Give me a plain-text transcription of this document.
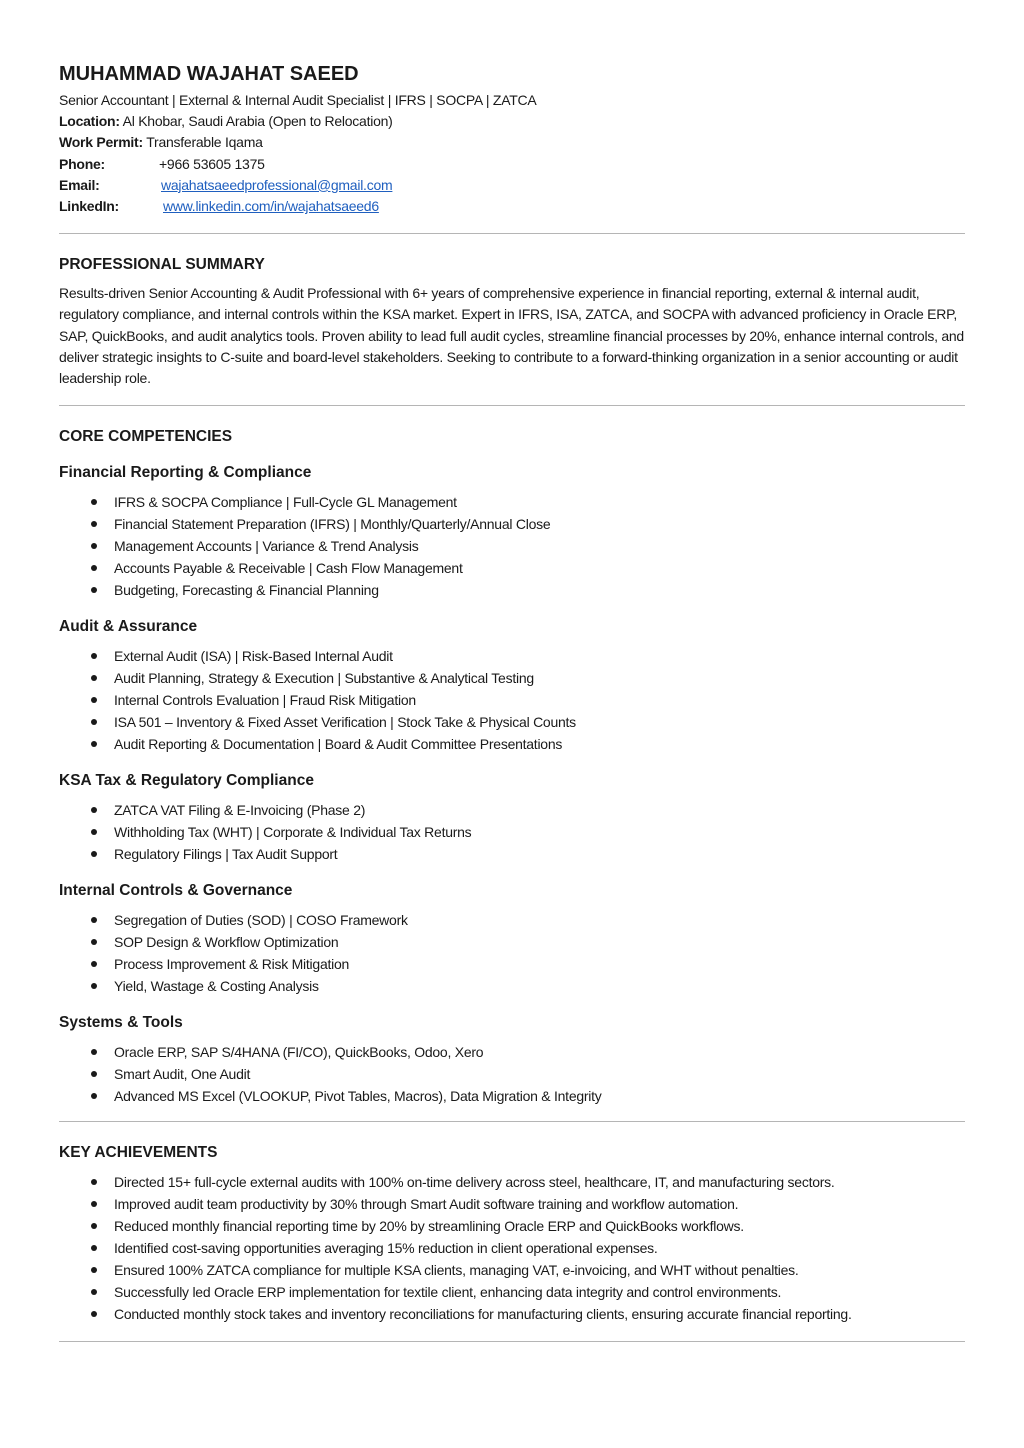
MUHAMMAD WAJAHAT SAEED
Senior Accountant | External & Internal Audit Specialist | IFRS | SOCPA | ZATCA
Location: Al Khobar, Saudi Arabia (Open to Relocation)
Work Permit: Transferable Iqama
Phone:	+966 53605 1375
Email:	wajahatsaeedprofessional@gmail.com
LinkedIn:	www.linkedin.com/in/wajahatsaeed6
PROFESSIONAL SUMMARY
Results-driven Senior Accounting & Audit Professional with 6+ years of comprehensive experience in financial reporting, external & internal audit, regulatory compliance, and internal controls within the KSA market. Expert in IFRS, ISA, ZATCA, and SOCPA with advanced proficiency in Oracle ERP, SAP, QuickBooks, and audit analytics tools. Proven ability to lead full audit cycles, streamline financial processes by 20%, enhance internal controls, and deliver strategic insights to C-suite and board-level stakeholders. Seeking to contribute to a forward-thinking organization in a senior accounting or audit leadership role.
CORE COMPETENCIES
Financial Reporting & Compliance
IFRS & SOCPA Compliance | Full-Cycle GL Management
Financial Statement Preparation (IFRS) | Monthly/Quarterly/Annual Close
Management Accounts | Variance & Trend Analysis
Accounts Payable & Receivable | Cash Flow Management
Budgeting, Forecasting & Financial Planning
Audit & Assurance
External Audit (ISA) | Risk-Based Internal Audit
Audit Planning, Strategy & Execution | Substantive & Analytical Testing
Internal Controls Evaluation | Fraud Risk Mitigation
ISA 501 – Inventory & Fixed Asset Verification | Stock Take & Physical Counts
Audit Reporting & Documentation | Board & Audit Committee Presentations
KSA Tax & Regulatory Compliance
ZATCA VAT Filing & E-Invoicing (Phase 2)
Withholding Tax (WHT) | Corporate & Individual Tax Returns
Regulatory Filings | Tax Audit Support
Internal Controls & Governance
Segregation of Duties (SOD) | COSO Framework
SOP Design & Workflow Optimization
Process Improvement & Risk Mitigation
Yield, Wastage & Costing Analysis
Systems & Tools
Oracle ERP, SAP S/4HANA (FI/CO), QuickBooks, Odoo, Xero
Smart Audit, One Audit
Advanced MS Excel (VLOOKUP, Pivot Tables, Macros), Data Migration & Integrity
KEY ACHIEVEMENTS
Directed 15+ full-cycle external audits with 100% on-time delivery across steel, healthcare, IT, and manufacturing sectors.
Improved audit team productivity by 30% through Smart Audit software training and workflow automation.
Reduced monthly financial reporting time by 20% by streamlining Oracle ERP and QuickBooks workflows.
Identified cost-saving opportunities averaging 15% reduction in client operational expenses.
Ensured 100% ZATCA compliance for multiple KSA clients, managing VAT, e-invoicing, and WHT without penalties.
Successfully led Oracle ERP implementation for textile client, enhancing data integrity and control environments.
Conducted monthly stock takes and inventory reconciliations for manufacturing clients, ensuring accurate financial reporting.
